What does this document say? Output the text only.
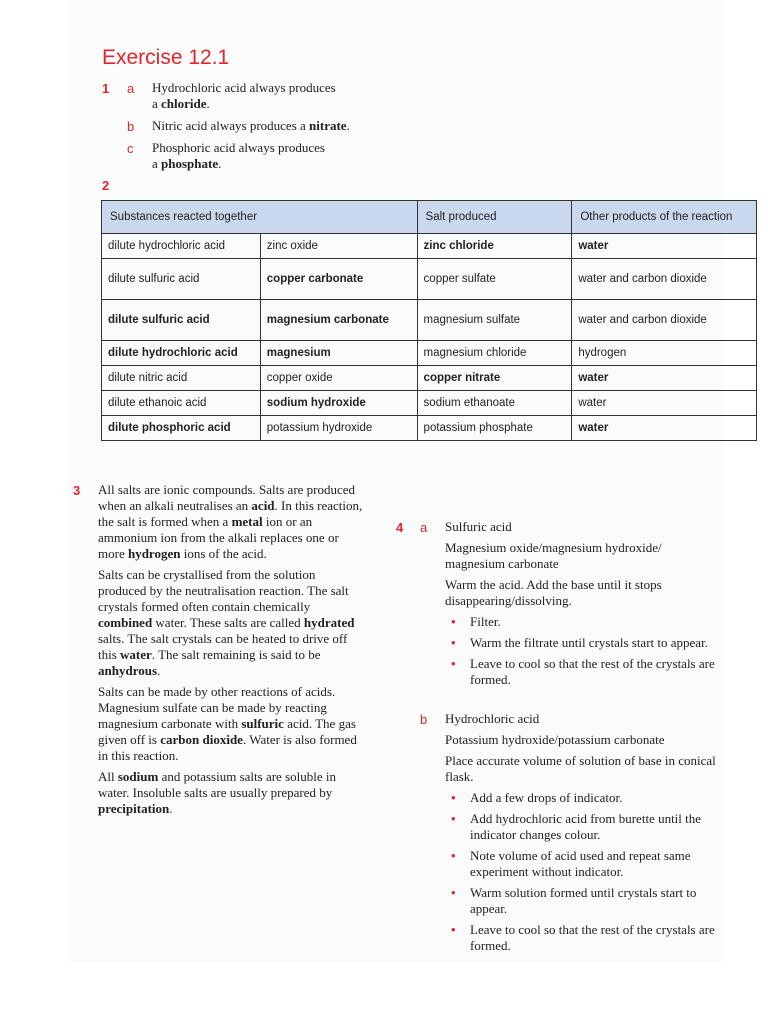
Exercise 12.1
1 a Hydrochloric acid always produces
a chloride.
b Nitric acid always produces a nitrate.
c Phosphoric acid always produces
a phosphate.
2
Substances reacted together		Salt produced	Other products of the reaction
dilute hydrochloric acid	zinc oxide	zinc chloride	water
dilute sulfuric acid	copper carbonate	copper sulfate	water and carbon dioxide
dilute sulfuric acid	magnesium carbonate	magnesium sulfate	water and carbon dioxide
dilute hydrochloric acid	magnesium	magnesium chloride	hydrogen
dilute nitric acid	copper oxide	copper nitrate	water
dilute ethanoic acid	sodium hydroxide	sodium ethanoate	water
dilute phosphoric acid	potassium hydroxide	potassium phosphate	water
3 All salts are ionic compounds. Salts are produced when an alkali neutralises an acid. In this reaction, the salt is formed when a metal ion or an ammonium ion from the alkali replaces one or more hydrogen ions of the acid.

Salts can be crystallised from the solution produced by the neutralisation reaction. The salt crystals formed often contain chemically combined water. These salts are called hydrated salts. The salt crystals can be heated to drive off this water. The salt remaining is said to be anhydrous.

Salts can be made by other reactions of acids. Magnesium sulfate can be made by reacting magnesium carbonate with sulfuric acid. The gas given off is carbon dioxide. Water is also formed in this reaction.

All sodium and potassium salts are soluble in water. Insoluble salts are usually prepared by precipitation.

4 a Sulfuric acid

Magnesium oxide/magnesium hydroxide/ magnesium carbonate

Warm the acid. Add the base until it stops disappearing/dissolving.

• Filter.
• Warm the filtrate until crystals start to appear.
• Leave to cool so that the rest of the crystals are formed.
b Hydrochloric acid

Potassium hydroxide/potassium carbonate

Place accurate volume of solution of base in conical flask.

• Add a few drops of indicator.
• Add hydrochloric acid from burette until the indicator changes colour.
• Note volume of acid used and repeat same experiment without indicator.
• Warm solution formed until crystals start to appear.
• Leave to cool so that the rest of the crystals are formed.
